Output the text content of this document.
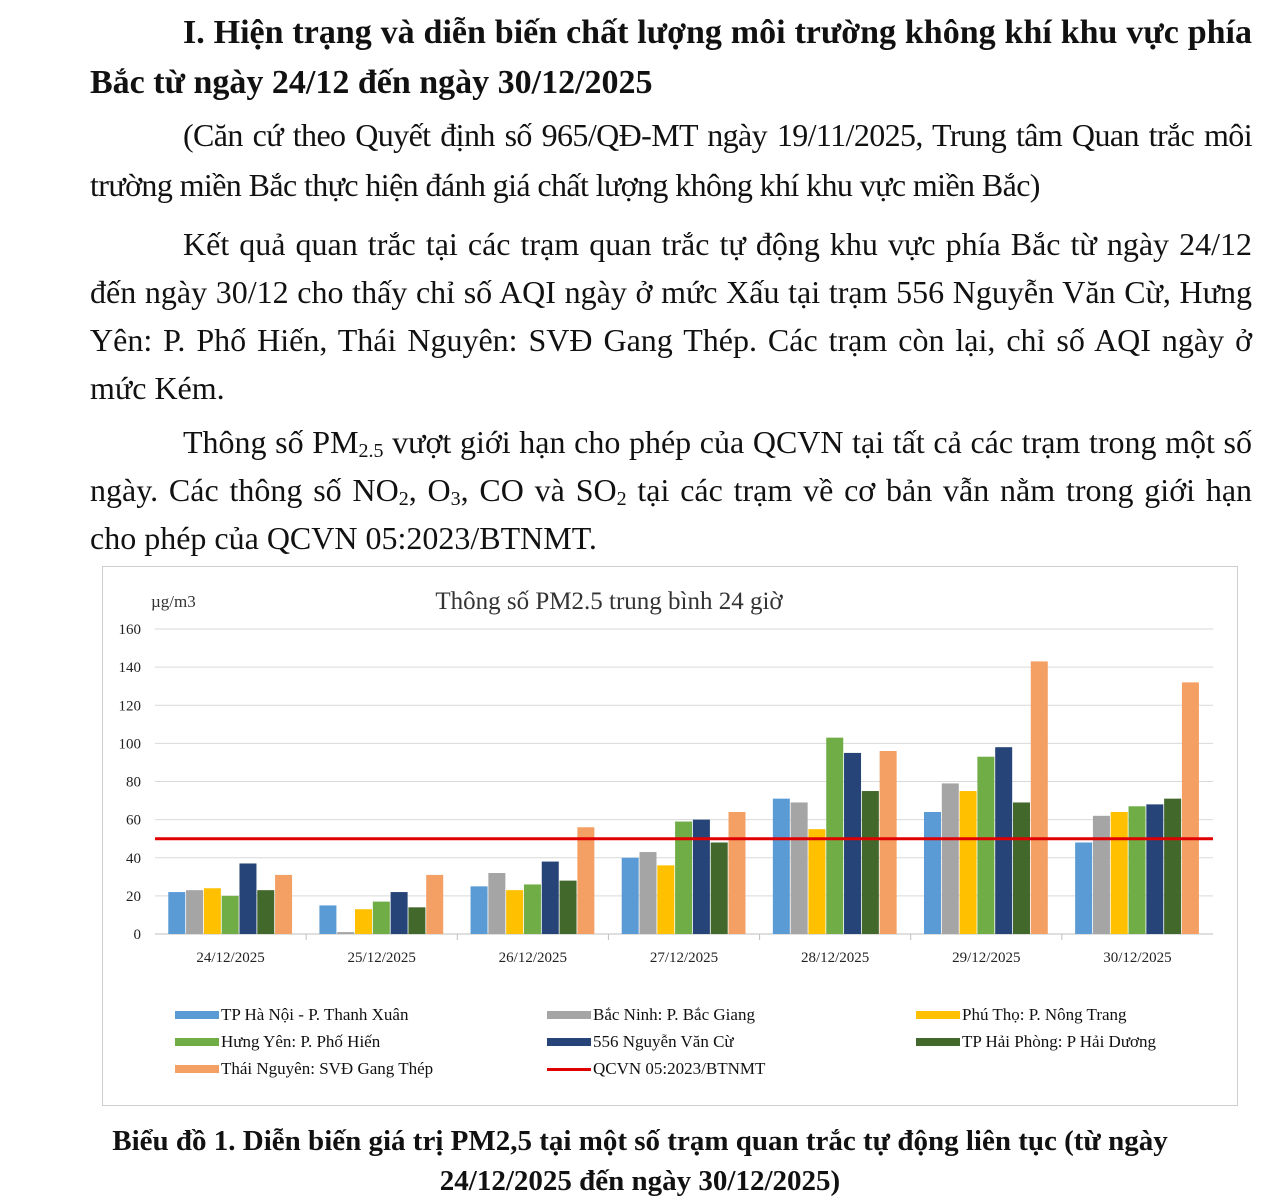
I. Hiện trạng và diễn biến chất lượng môi trường không khí khu vực phía Bắc từ ngày 24/12 đến ngày 30/12/2025

(Căn cứ theo Quyết định số 965/QĐ-MT ngày 19/11/2025, Trung tâm Quan trắc môi trường miền Bắc thực hiện đánh giá chất lượng không khí khu vực miền Bắc)

Kết quả quan trắc tại các trạm quan trắc tự động khu vực phía Bắc từ ngày 24/12 đến ngày 30/12 cho thấy chỉ số AQI ngày ở mức Xấu tại trạm 556 Nguyễn Văn Cừ, Hưng Yên: P. Phố Hiến, Thái Nguyên: SVĐ Gang Thép. Các trạm còn lại, chỉ số AQI ngày ở mức Kém.

Thông số $PM_{2.5}$ vượt giới hạn cho phép của QCVN tại tất cả các trạm trong một số ngày. Các thông số $NO_2$, $O_3$, CO và $SO_2$ tại các trạm về cơ bản vẫn nằm trong giới hạn cho phép của QCVN 05:2023/BTNMT.

Thông số PM2.5 trung bình 24 giờ
µg/m3
0
20
40
60
80
100
120
140
160
24/12/2025	25/12/2025	26/12/2025	27/12/2025	28/12/2025	29/12/2025	30/12/2025
TP Hà Nội - P. Thanh Xuân	Bắc Ninh: P. Bắc Giang	Phú Thọ: P. Nông Trang
Hưng Yên: P. Phố Hiến	556 Nguyễn Văn Cừ	TP Hải Phòng: P Hải Dương
Thái Nguyên: SVĐ Gang Thép	QCVN 05:2023/BTNMT

Biểu đồ 1. Diễn biến giá trị PM2,5 tại một số trạm quan trắc tự động liên tục (từ ngày 24/12/2025 đến ngày 30/12/2025)
